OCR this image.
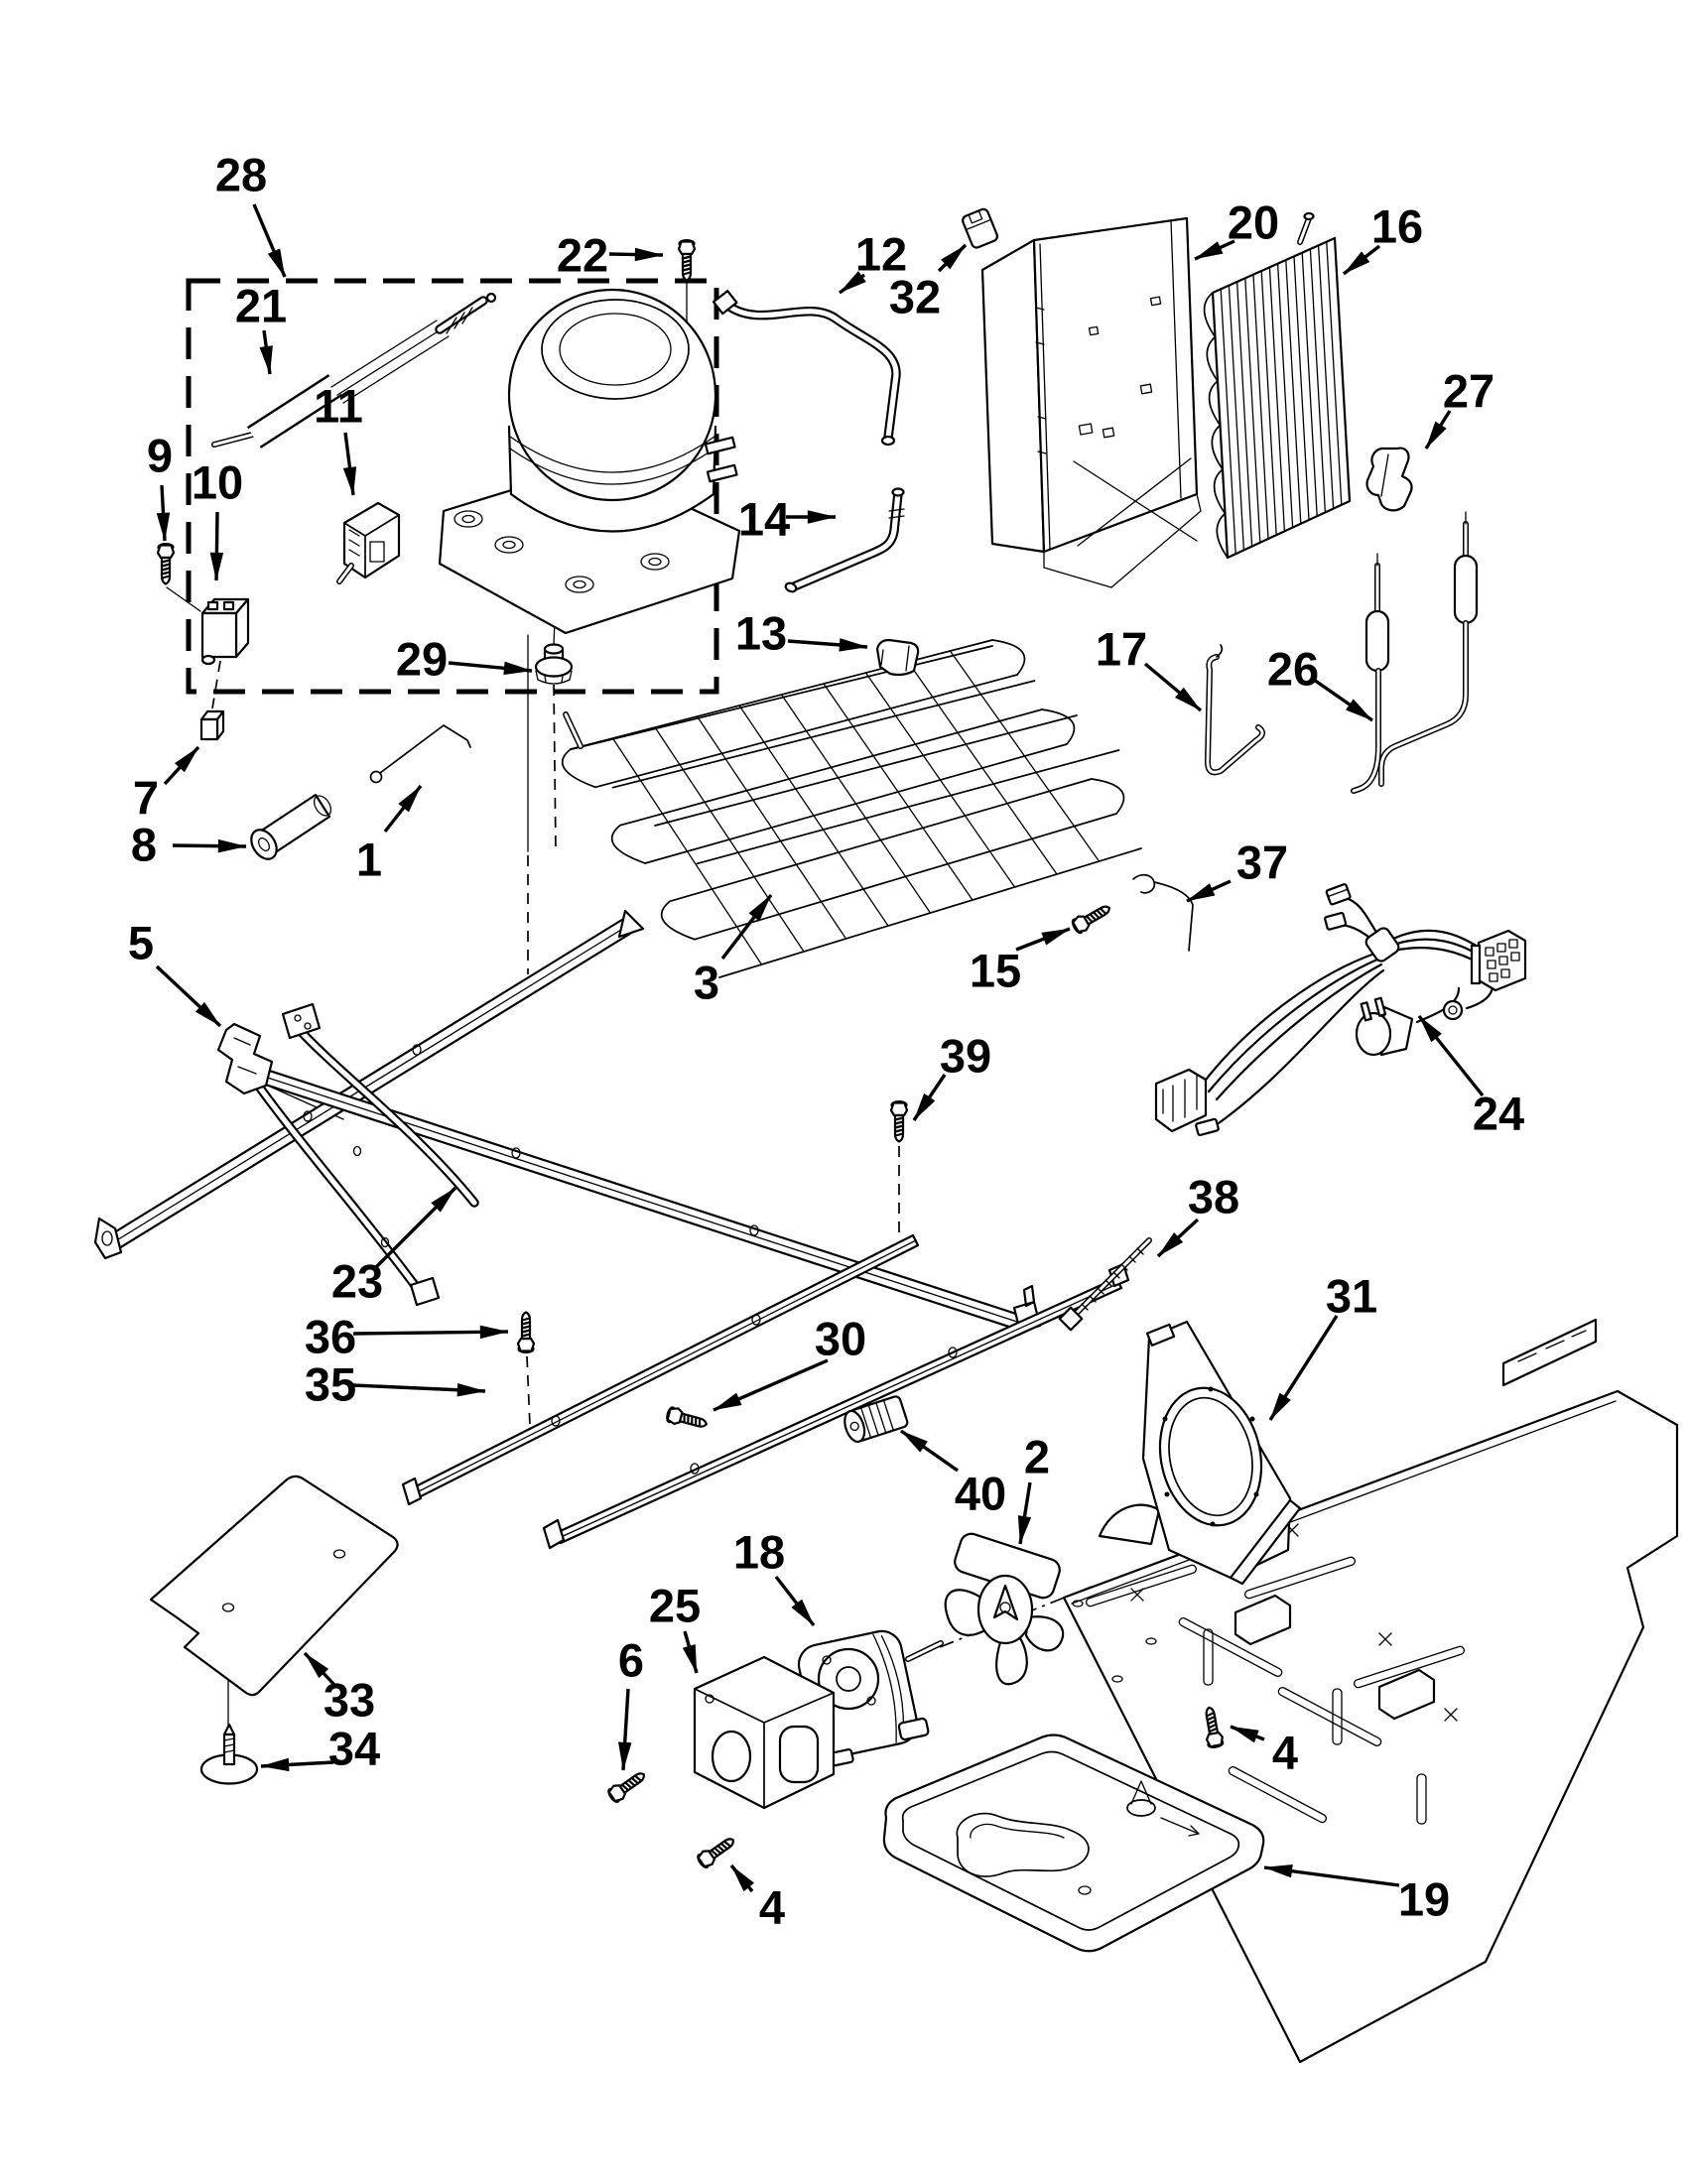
28
22
21
12
32
20 16
27
9
10
11
14
13
29	17	26
7
8	1
5
3
37
15
24
39
38
23	31
36
35
30
40
2
18
25
6
33
34
4
4
19
